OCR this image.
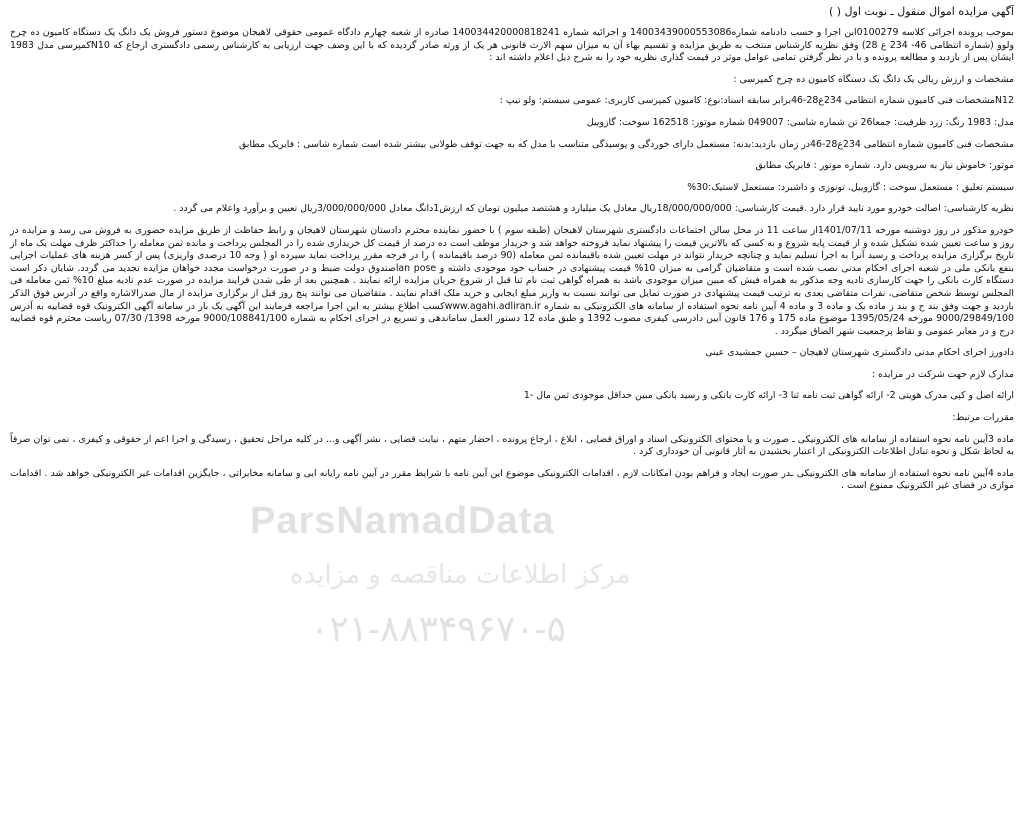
ParsNamadData
مرکز اطلاعات مناقصه و مزایده
۰۲۱-۸۸۳۴۹۶۷۰-۵
آگهی مزایده اموال منقول ـ نوبت اول ( )

بموجب پرونده اجرائی کلاسه 0100279این اجرا و حسب دادنامه شماره14003439000553086 و اجرائیه شماره 140034420000818241 صادره از شعبه چهارم دادگاه عمومی حقوقی لاهیجان موضوع دستور فروش یک دانگ یک دستگاه کامیون ده چرخ ولوو (شماره انتظامی 46- 234 ع 28) وفق نظریه کارشناس منتخب به طریق مزایده و تقسیم بهاء آن به میزان سهم الارث قانونی هر یک از ورثه صادر گردیده که با این وصف جهت ارزیابی به کارشناس رسمی دادگستری ارجاع که N10کمپرسی مدل 1983 ایشان پس از بازدید و مطالعه پرونده و با در نظر گرفتن تمامی عوامل موثر در قیمت گذاری نظریه خود را به شرح ذیل اعلام داشته اند :

مشخصات و ارزش ریالی یک دانگ یک دستگاه کامیون ده چرخ کمپرسی :

N12مشخصات فنی کامیون شماره انتظامی 234ع28-46برابر سابقه اسناد:نوع: کامیون کمپرسی کاربری: عمومی سیستم: ولو تیپ :

مدل: 1983 رنگ: زرد ظرفیت: جمعا26 تن شماره شاسی: 049007 شماره موتور: 162518 سوخت: گازوییل

مشخصات فنی کامیون شماره انتظامی 234ع28-46در زمان بازدید:بدنه: مستعمل دارای خوردگی و پوسیدگی متناسب با مدل که به جهت توقف طولانی بیشتر شده است شماره شاسی : فابریک مطابق

موتور: خاموش نیاز به سرویس دارد. شماره موتور : فابریک مطابق

سیستم تعلیق : مستعمل سوخت : گازوییل. تونوزی و داشبرد: مستعمل لاستیک:30%

نظریه کارشناسی: اصالت خودرو مورد تایید قرار دارد .قیمت کارشناسی: 18/000/000/000ریال معادل یک میلیارد و هشتصد میلیون تومان که ارزش1دانگ معادل 3/000/000/000ریال تعیین و برآورد واعلام می گردد .

خودرو مذکور در روز دوشنبه مورخه 1401/07/11از ساعت 11 در محل سالن اجتماعات دادگستری شهرستان لاهیجان (طبقه سوم ) با حضور نماینده محترم دادستان شهرستان لاهیجان و رابط حفاظت از طریق مزایده حضوری به فروش می رسد و مزایده در روز و ساعت تعیین شده تشکیل شده و از قیمت پایه شروع و به کسی که بالاترین قیمت را پیشنهاد نماید فروخته خواهد شد و خریدار موظف است ده درصد از قیمت کل خریداری شده را در المجلس پرداخت و مانده ثمن معامله را حداکثر ظرف مهلت یک ماه از تاریخ برگزاری مزایده پرداخت و رسید آنرا به اجرا تسلیم نماید و چنانچه خریدار نتواند در مهلت تعیین شده باقیمانده ثمن معامله (90 درصد باقیمانده ) را در فرجه مقرر پرداخت نماید سپرده او ( وجه 10 درصدی واریزی) پس از کسر هزینه های عملیات اجرایی بنفع بانکی ملی در شعبه اجرای احکام مدنی نصب شده است و متقاضیان گرامی به میزان 10% قیمت پیشنهادی در حساب خود موجودی داشته و lan poseصندوق دولت ضبط و در صورت درخواست مجدد خواهان مزایده تجدید می گردد. شایان ذکر است دستگاه کارت بانکی را جهت کارسازی تادیه وجه مذکور به همراه فیش که مبین میزان موجودی باشد به همراه گواهی ثبت نام ثنا قبل از شروع جریان مزایده ارائه نمایند . همچنین بعد از طی شدن فرایند مزایده در صورت عدم تادیه مبلغ 10% ثمن معامله فی المجلس توسط شخص متقاضی، نفرات متقاضی بعدی به ترتیب قیمت پیشنهادی در صورت تمایل می توانند نسبت به واریز مبلغ ایجابی و خرید ملک اقدام نمایند . متقاضیان می توانند پنج روز قبل از برگزاری مزایده از مال صدرالاشاره واقع در آدرس فوق الذکر بازدید و جهت وفق بند ح و بند ز ماده یک و ماده 3 و ماده 4 آیین نامه نحوه استفاده از سامانه های الکترونیکی به شماره www.agahi.adliran.irکسب اطلاع بیشتر به این اجرا مراجعه فرمایند این آگهی یک بار در سامانه آگهی الکترونیک قوه قضاییه به آدرس 9000/29849/100 مورخه 1395/05/24 موضوع ماده 175 و 176 قانون آیین دادرسی کیفری مصوب 1392 و طبق ماده 12 دستور العمل ساماندهی و تسریع در اجرای احکام به شماره 9000/108841/100 مورخه 1398/ 07/30 ریاست محترم قوه قضاییه درج و در معابر عمومی و نقاط پرجمعیت شهر الصاق میگردد .

دادورز اجرای احکام مدنی دادگستری شهرستان لاهیجان – حسین جمشیدی عینی

مدارک لازم جهت شرکت در مزایده :

ارائه اصل و کپی مدرک هویتی 2- ارائه گواهی ثبت نامه ثنا 3- ارائه کارت بانکی و رسید بانکی مبین حداقل موجودی ثمن مال -1

مقررات مرتبط:

ماده 3آیین نامه نحوه استفاده از سامانه های الکترونیکی ـ صورت و یا محتوای الکترونیکی اسناد و اوراق قضایی ، ابلاغ ، ارجاع پرونده ، احضار متهم ، نیابت قضایی ، نشر آگهی و... در کلیه مراحل تحقیق ، رسیدگی و اجرا اعم از حقوقی و کیفری ، نمی توان صرفاً به لحاظ شکل و نحوه تبادل اطلاعات الکترونیکی از اعتبار بخشیدن به آثار قانونی آن خودداری کرد .

ماده 4آیین نامه نحوه استفاده از سامانه های الکترونیکی ـدر صورت ایجاد و فراهم بودن امکانات لازم ، اقدامات الکترونیکی موضوع این آیین نامه با شرایط مقرر در آیین نامه رایانه ایی و سامانه مخابراتی ، جایگزین اقدامات غیر الکترونیکی خواهد شد . اقدامات موازی در فضای غیر الکترونیک ممنوع است .
